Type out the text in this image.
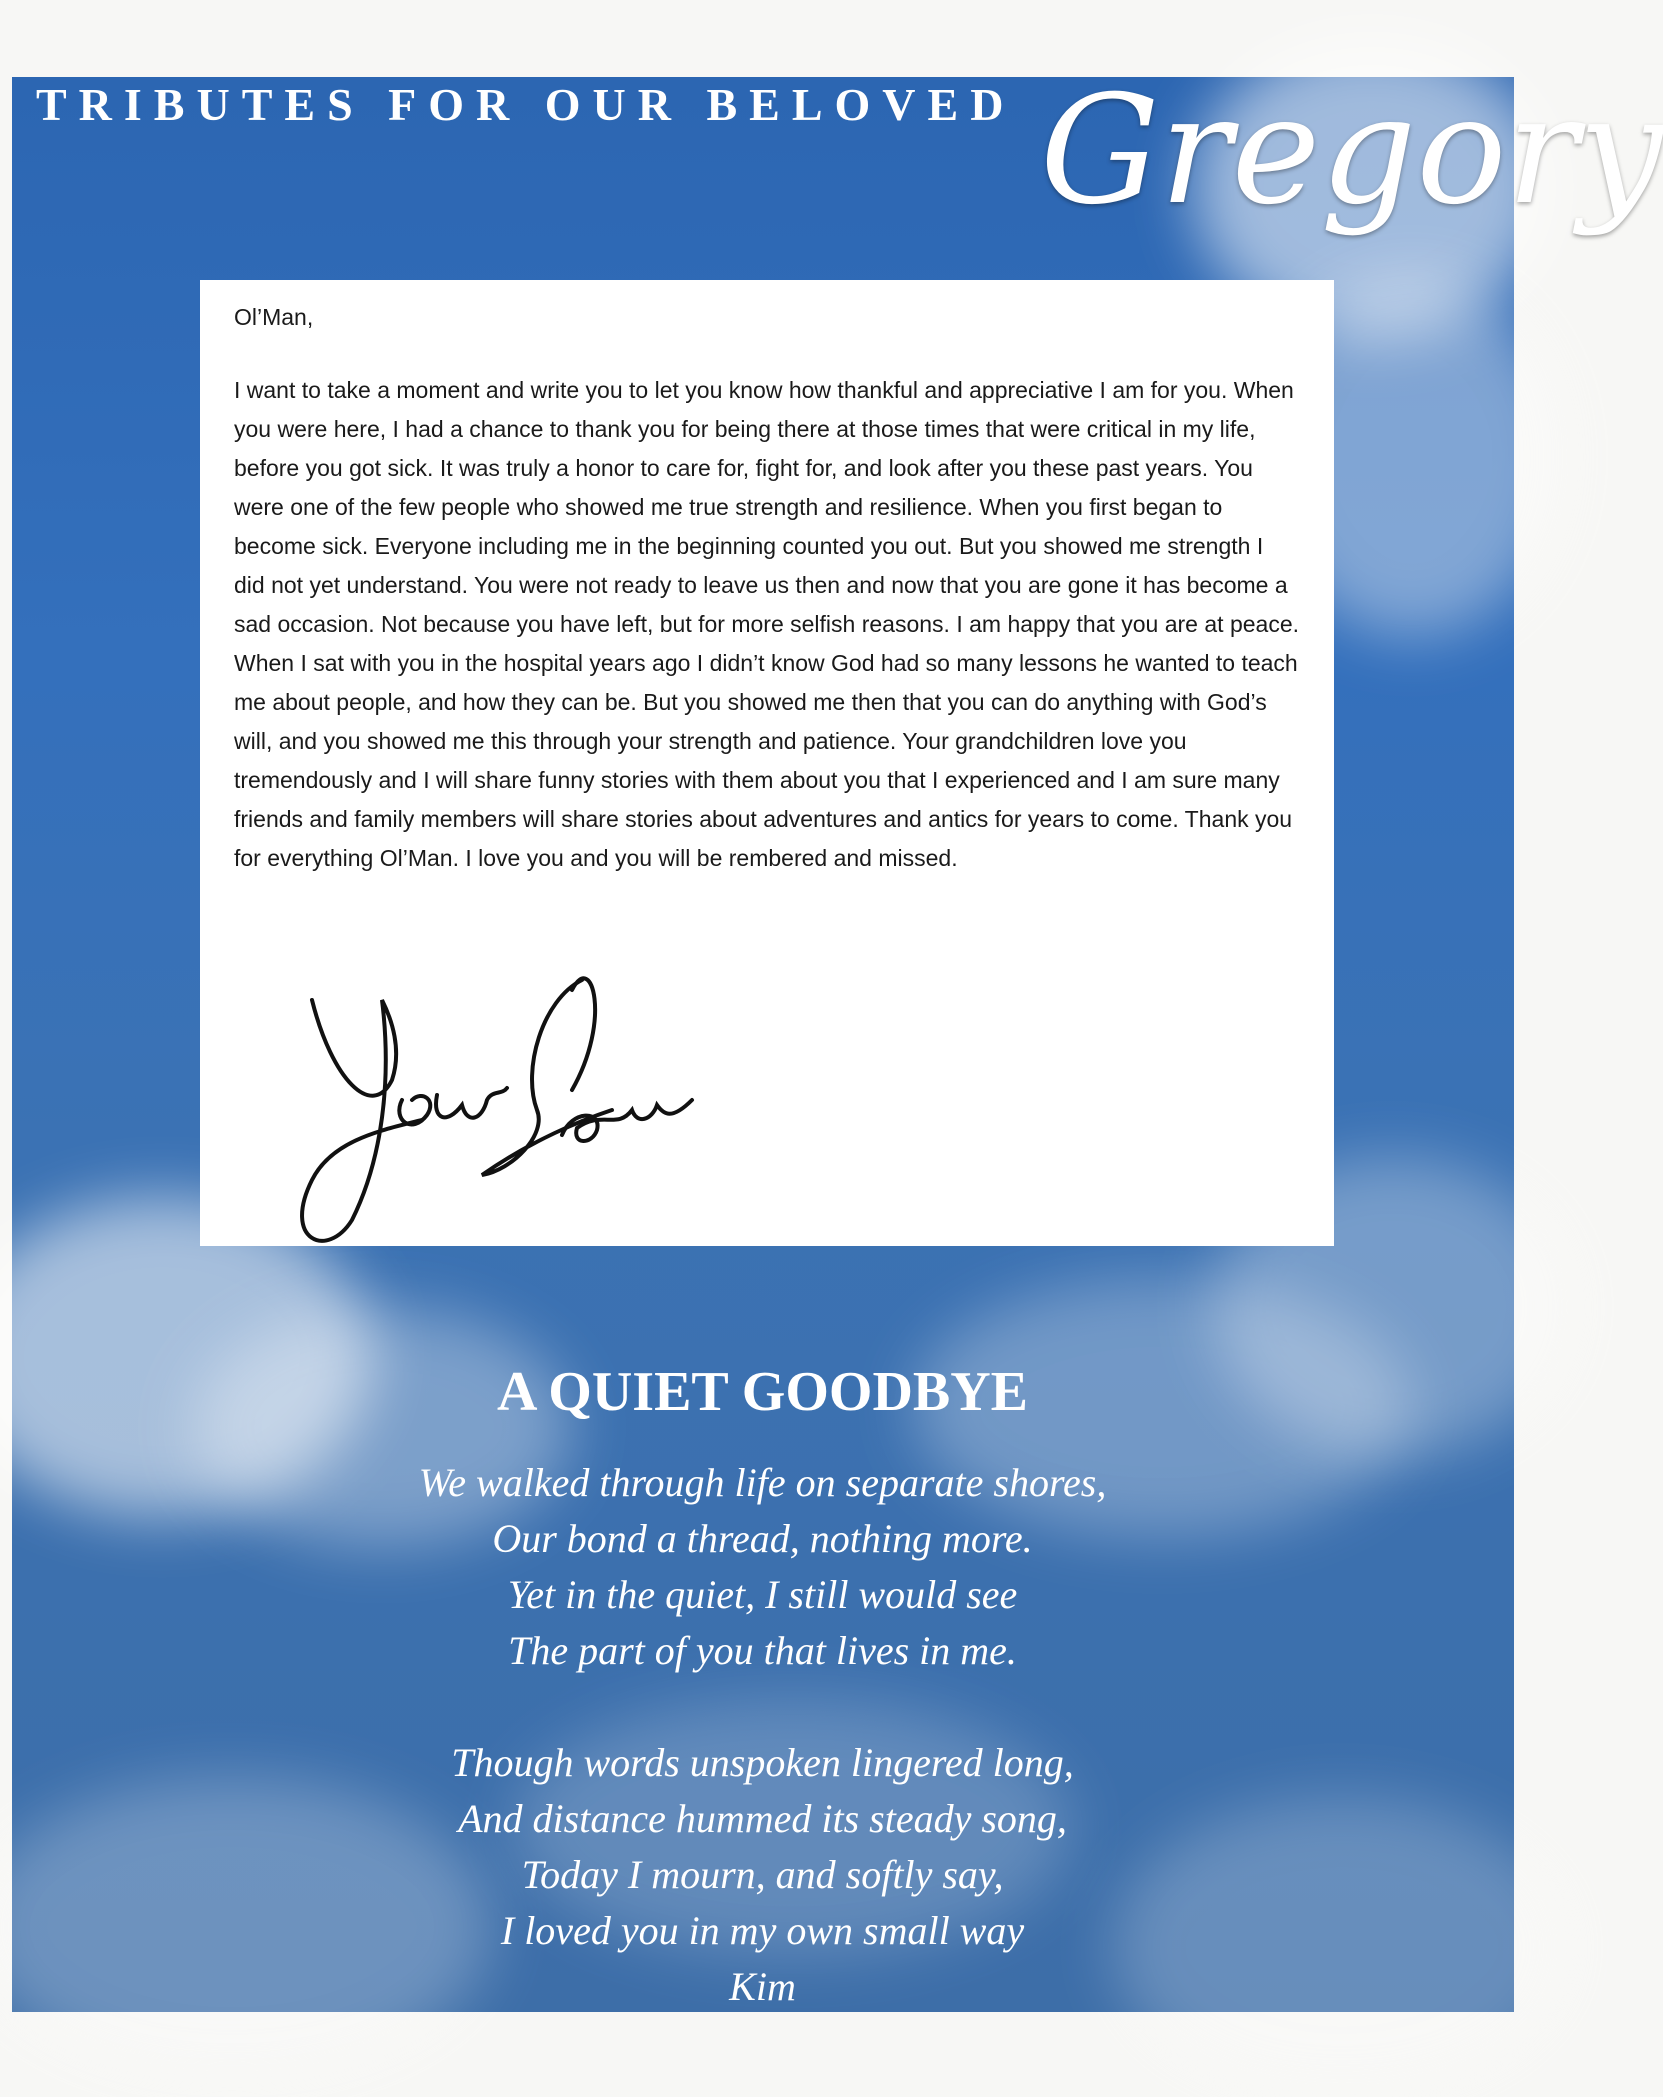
TRIBUTES FOR OUR BELOVED Gregory

Ol’Man,

I want to take a moment and write you to let you know how thankful and appreciative I am for you. When you were here, I had a chance to thank you for being there at those times that were critical in my life, before you got sick. It was truly a honor to care for, fight for, and look after you these past years. You were one of the few people who showed me true strength and resilience. When you first began to become sick. Everyone including me in the beginning counted you out. But you showed me strength I did not yet understand. You were not ready to leave us then and now that you are gone it has become a sad occasion. Not because you have left, but for more selfish reasons. I am happy that you are at peace. When I sat with you in the hospital years ago I didn’t know God had so many lessons he wanted to teach me about people, and how they can be. But you showed me then that you can do anything with God’s will, and you showed me this through your strength and patience. Your grandchildren love you tremendously and I will share funny stories with them about you that I experienced and I am sure many friends and family members will share stories about adventures and antics for years to come. Thank you for everything Ol’Man. I love you and you will be rembered and missed.

A QUIET GOODBYE
We walked through life on separate shores,
Our bond a thread, nothing more.
Yet in the quiet, I still would see
The part of you that lives in me.
Though words unspoken lingered long,
And distance hummed its steady song,
Today I mourn, and softly say,
I loved you in my own small way
Kim
